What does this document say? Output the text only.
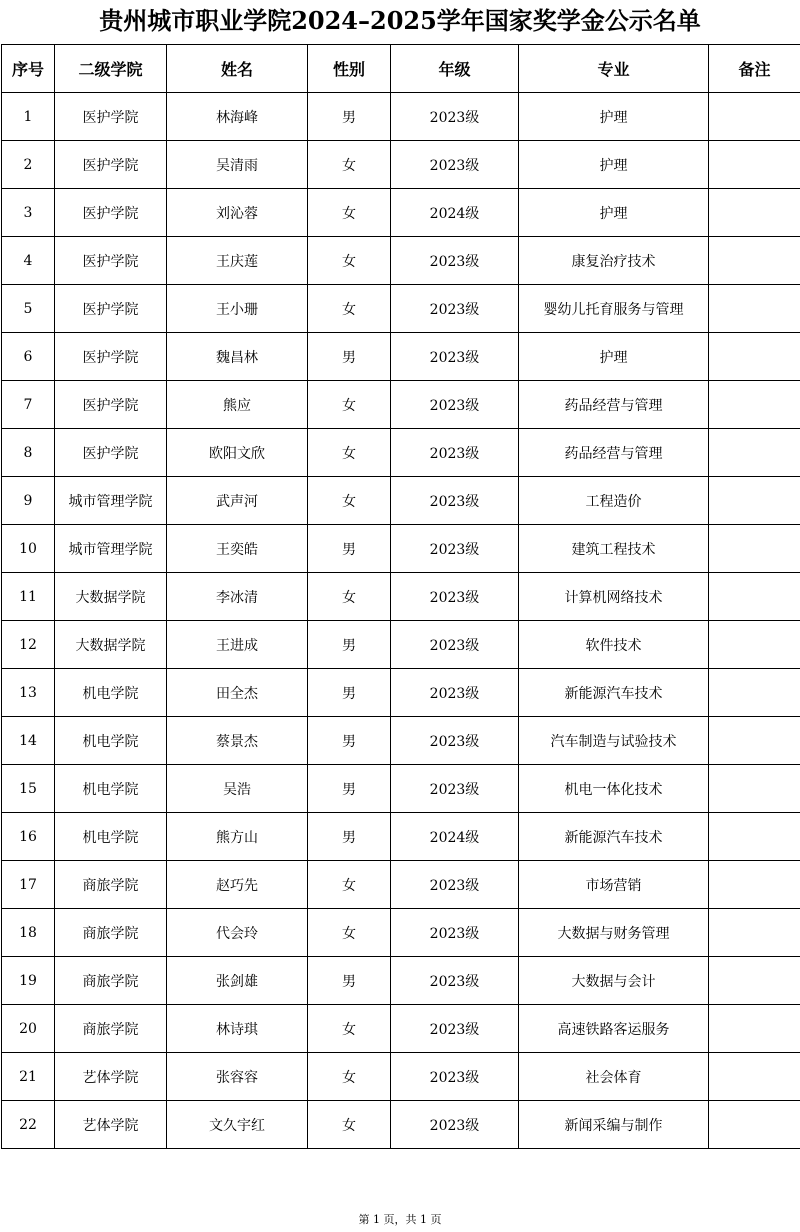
贵州城市职业学院2024–2025学年国家奖学金公示名单
序号	二级学院	姓名	性别	年级	专业	备注
1	医护学院	林海峰	男	2023级	护理	
2	医护学院	吴清雨	女	2023级	护理	
3	医护学院	刘沁蓉	女	2024级	护理	
4	医护学院	王庆莲	女	2023级	康复治疗技术	
5	医护学院	王小珊	女	2023级	婴幼儿托育服务与管理	
6	医护学院	魏昌林	男	2023级	护理	
7	医护学院	熊应	女	2023级	药品经营与管理	
8	医护学院	欧阳文欣	女	2023级	药品经营与管理	
9	城市管理学院	武声河	女	2023级	工程造价	
10	城市管理学院	王奕皓	男	2023级	建筑工程技术	
11	大数据学院	李冰清	女	2023级	计算机网络技术	
12	大数据学院	王进成	男	2023级	软件技术	
13	机电学院	田全杰	男	2023级	新能源汽车技术	
14	机电学院	蔡景杰	男	2023级	汽车制造与试验技术	
15	机电学院	吴浩	男	2023级	机电一体化技术	
16	机电学院	熊方山	男	2024级	新能源汽车技术	
17	商旅学院	赵巧先	女	2023级	市场营销	
18	商旅学院	代会玲	女	2023级	大数据与财务管理	
19	商旅学院	张剑雄	男	2023级	大数据与会计	
20	商旅学院	林诗琪	女	2023级	高速铁路客运服务	
21	艺体学院	张容容	女	2023级	社会体育	
22	艺体学院	文久宇红	女	2023级	新闻采编与制作	
第 1 页，共 1 页
